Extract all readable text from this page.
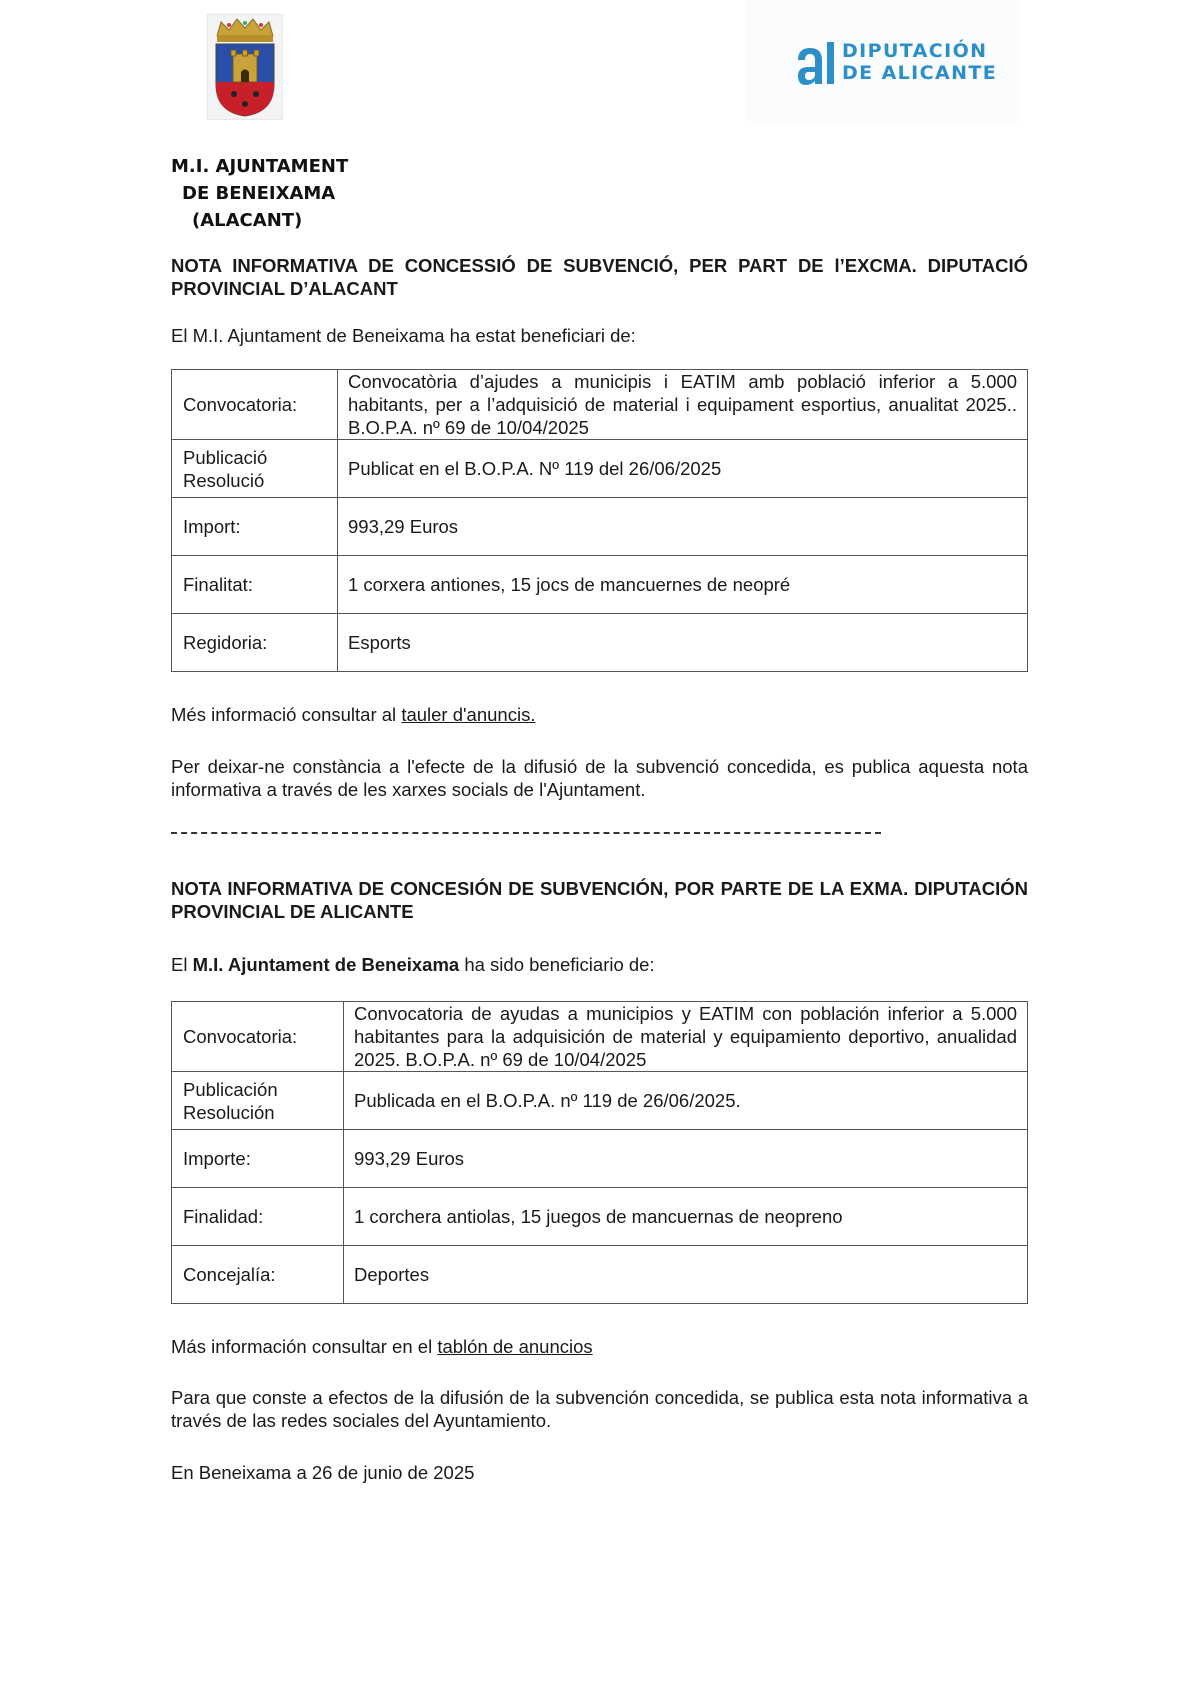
DIPUTACIÓN
DE ALICANTE
M.I. AJUNTAMENT
DE BENEIXAMA
(ALACANT)
NOTA INFORMATIVA DE CONCESSIÓ DE SUBVENCIÓ, PER PART DE l’EXCMA. DIPUTACIÓ PROVINCIAL D’ALACANT
El M.I. Ajuntament de Beneixama ha estat beneficiari de:
Convocatoria:	Convocatòria d’ajudes a municipis i EATIM amb població inferior a 5.000 habitants, per a l’adquisició de material i equipament esportius, anualitat 2025.. B.O.P.A. nº 69 de 10/04/2025

Publicació
Resolució	Publicat en el B.O.P.A. Nº 119 del 26/06/2025
Import:	993,29 Euros
Finalitat:	1 corxera antiones, 15 jocs de mancuernes de neopré
Regidoria:	Esports
Més informació consultar al tauler d'anuncis.
Per deixar-ne constància a l'efecte de la difusió de la subvenció concedida, es publica aquesta nota informativa a través de les xarxes socials de l'Ajuntament.
NOTA INFORMATIVA DE CONCESIÓN DE SUBVENCIÓN, POR PARTE DE LA EXMA. DIPUTACIÓN PROVINCIAL DE ALICANTE
El M.I. Ajuntament de Beneixama ha sido beneficiario de:
Convocatoria:	Convocatoria de ayudas a municipios y EATIM con población inferior a 5.000 habitantes para la adquisición de material y equipamiento deportivo, anualidad 2025. B.O.P.A. nº 69 de 10/04/2025

Publicación
Resolución	Publicada en el B.O.P.A. nº 119 de 26/06/2025.
Importe:	993,29 Euros
Finalidad:	1 corchera antiolas, 15 juegos de mancuernas de neopreno
Concejalía:	Deportes
Más información consultar en el tablón de anuncios
Para que conste a efectos de la difusión de la subvención concedida, se publica esta nota informativa a través de las redes sociales del Ayuntamiento.
En Beneixama a 26 de junio de 2025
